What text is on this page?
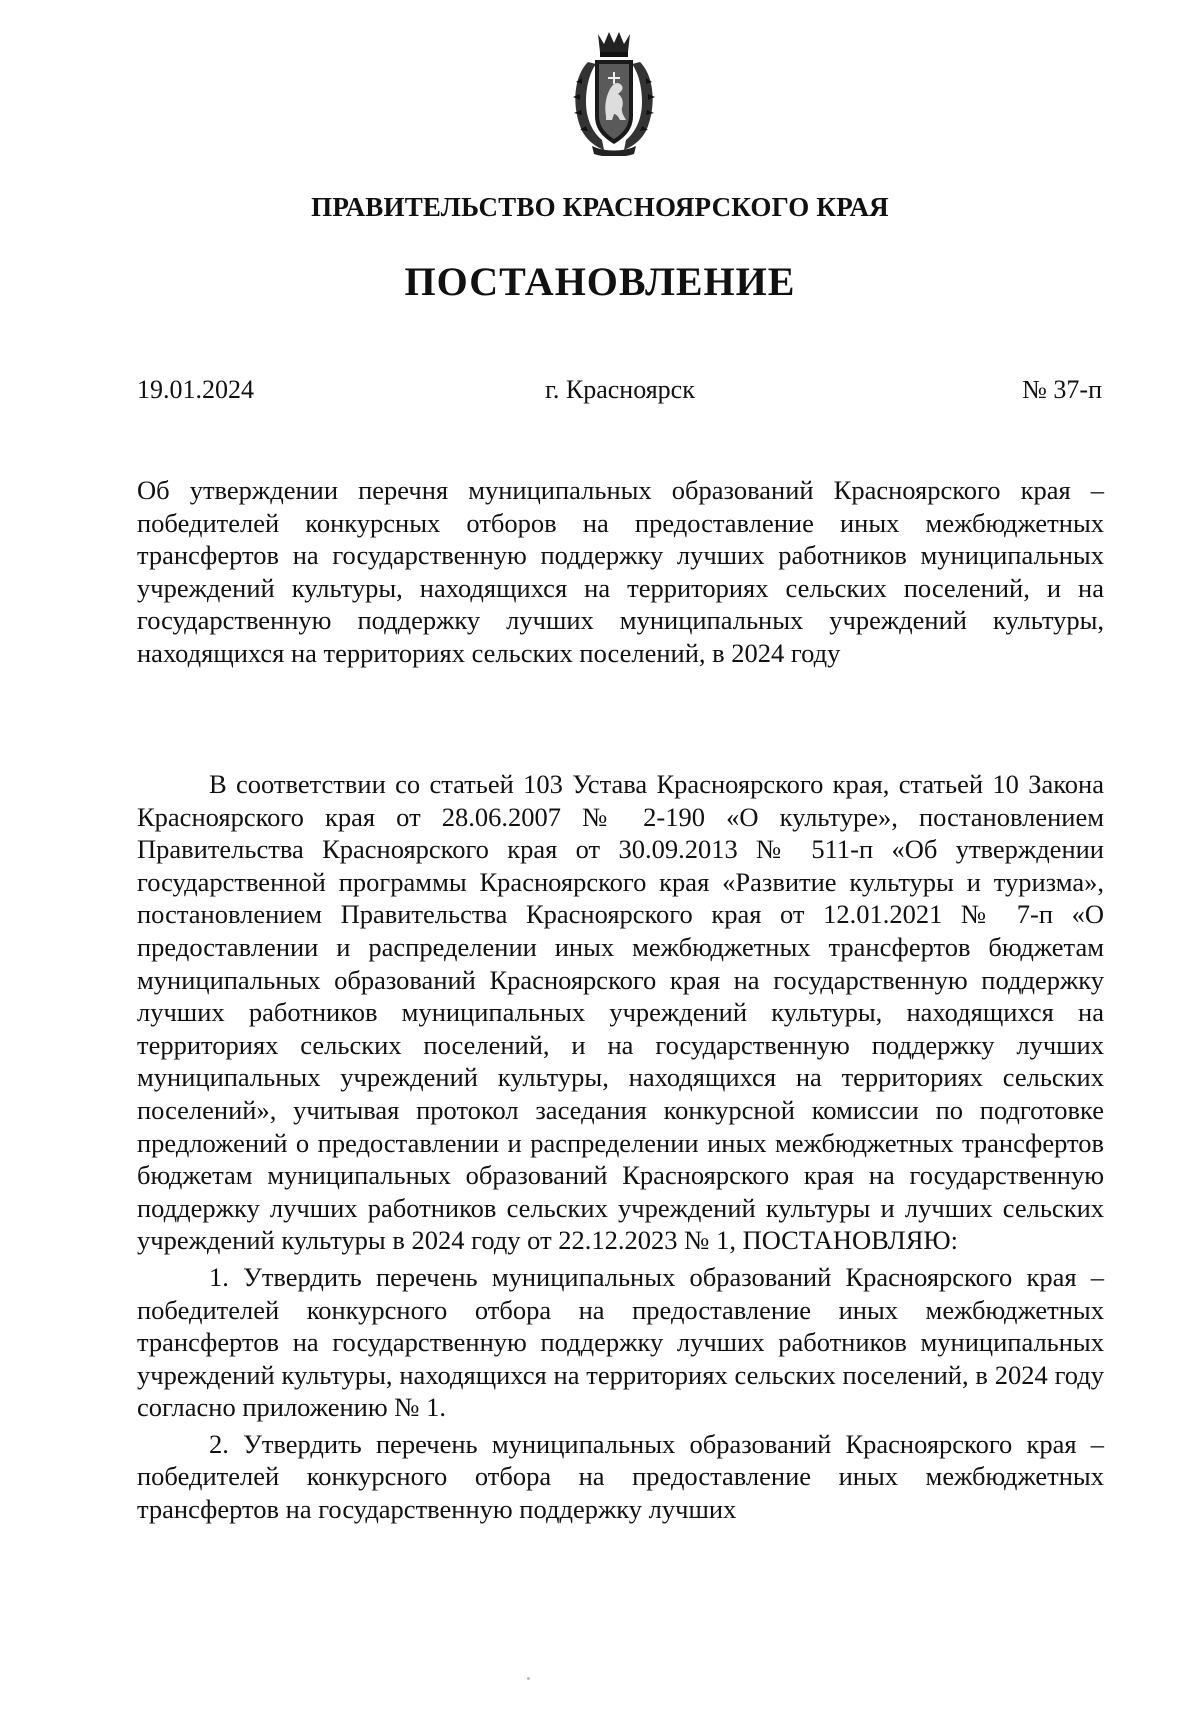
ПРАВИТЕЛЬСТВО КРАСНОЯРСКОГО КРАЯ
ПОСТАНОВЛЕНИЕ
19.01.2024	г. Красноярск	№ 37-п
Об утверждении перечня муниципальных образований Красноярского края – победителей конкурсных отборов на предоставление иных межбюджетных трансфертов на государственную поддержку лучших работников муниципальных учреждений культуры, находящихся на территориях сельских поселений, и на государственную поддержку лучших муниципальных учреждений культуры, находящихся на территориях сельских поселений, в 2024 году

В соответствии со статьей 103 Устава Красноярского края, статьей 10 Закона Красноярского края от 28.06.2007 № 2-190 «О культуре», постановлением Правительства Красноярского края от 30.09.2013 № 511-п «Об утверждении государственной программы Красноярского края «Развитие культуры и туризма», постановлением Правительства Красноярского края от 12.01.2021 № 7-п «О предоставлении и распределении иных межбюджетных трансфертов бюджетам муниципальных образований Красноярского края на государственную поддержку лучших работников муниципальных учреждений культуры, находящихся на территориях сельских поселений, и на государственную поддержку лучших муниципальных учреждений культуры, находящихся на территориях сельских поселений», учитывая протокол заседания конкурсной комиссии по подготовке предложений о предоставлении и распределении иных межбюджетных трансфертов бюджетам муниципальных образований Красноярского края на государственную поддержку лучших работников сельских учреждений культуры и лучших сельских учреждений культуры в 2024 году от 22.12.2023 № 1, ПОСТАНОВЛЯЮ:

1. Утвердить перечень муниципальных образований Красноярского края – победителей конкурсного отбора на предоставление иных межбюджетных трансфертов на государственную поддержку лучших работников муниципальных учреждений культуры, находящихся на территориях сельских поселений, в 2024 году согласно приложению № 1.

2. Утвердить перечень муниципальных образований Красноярского края – победителей конкурсного отбора на предоставление иных межбюджетных трансфертов на государственную поддержку лучших
